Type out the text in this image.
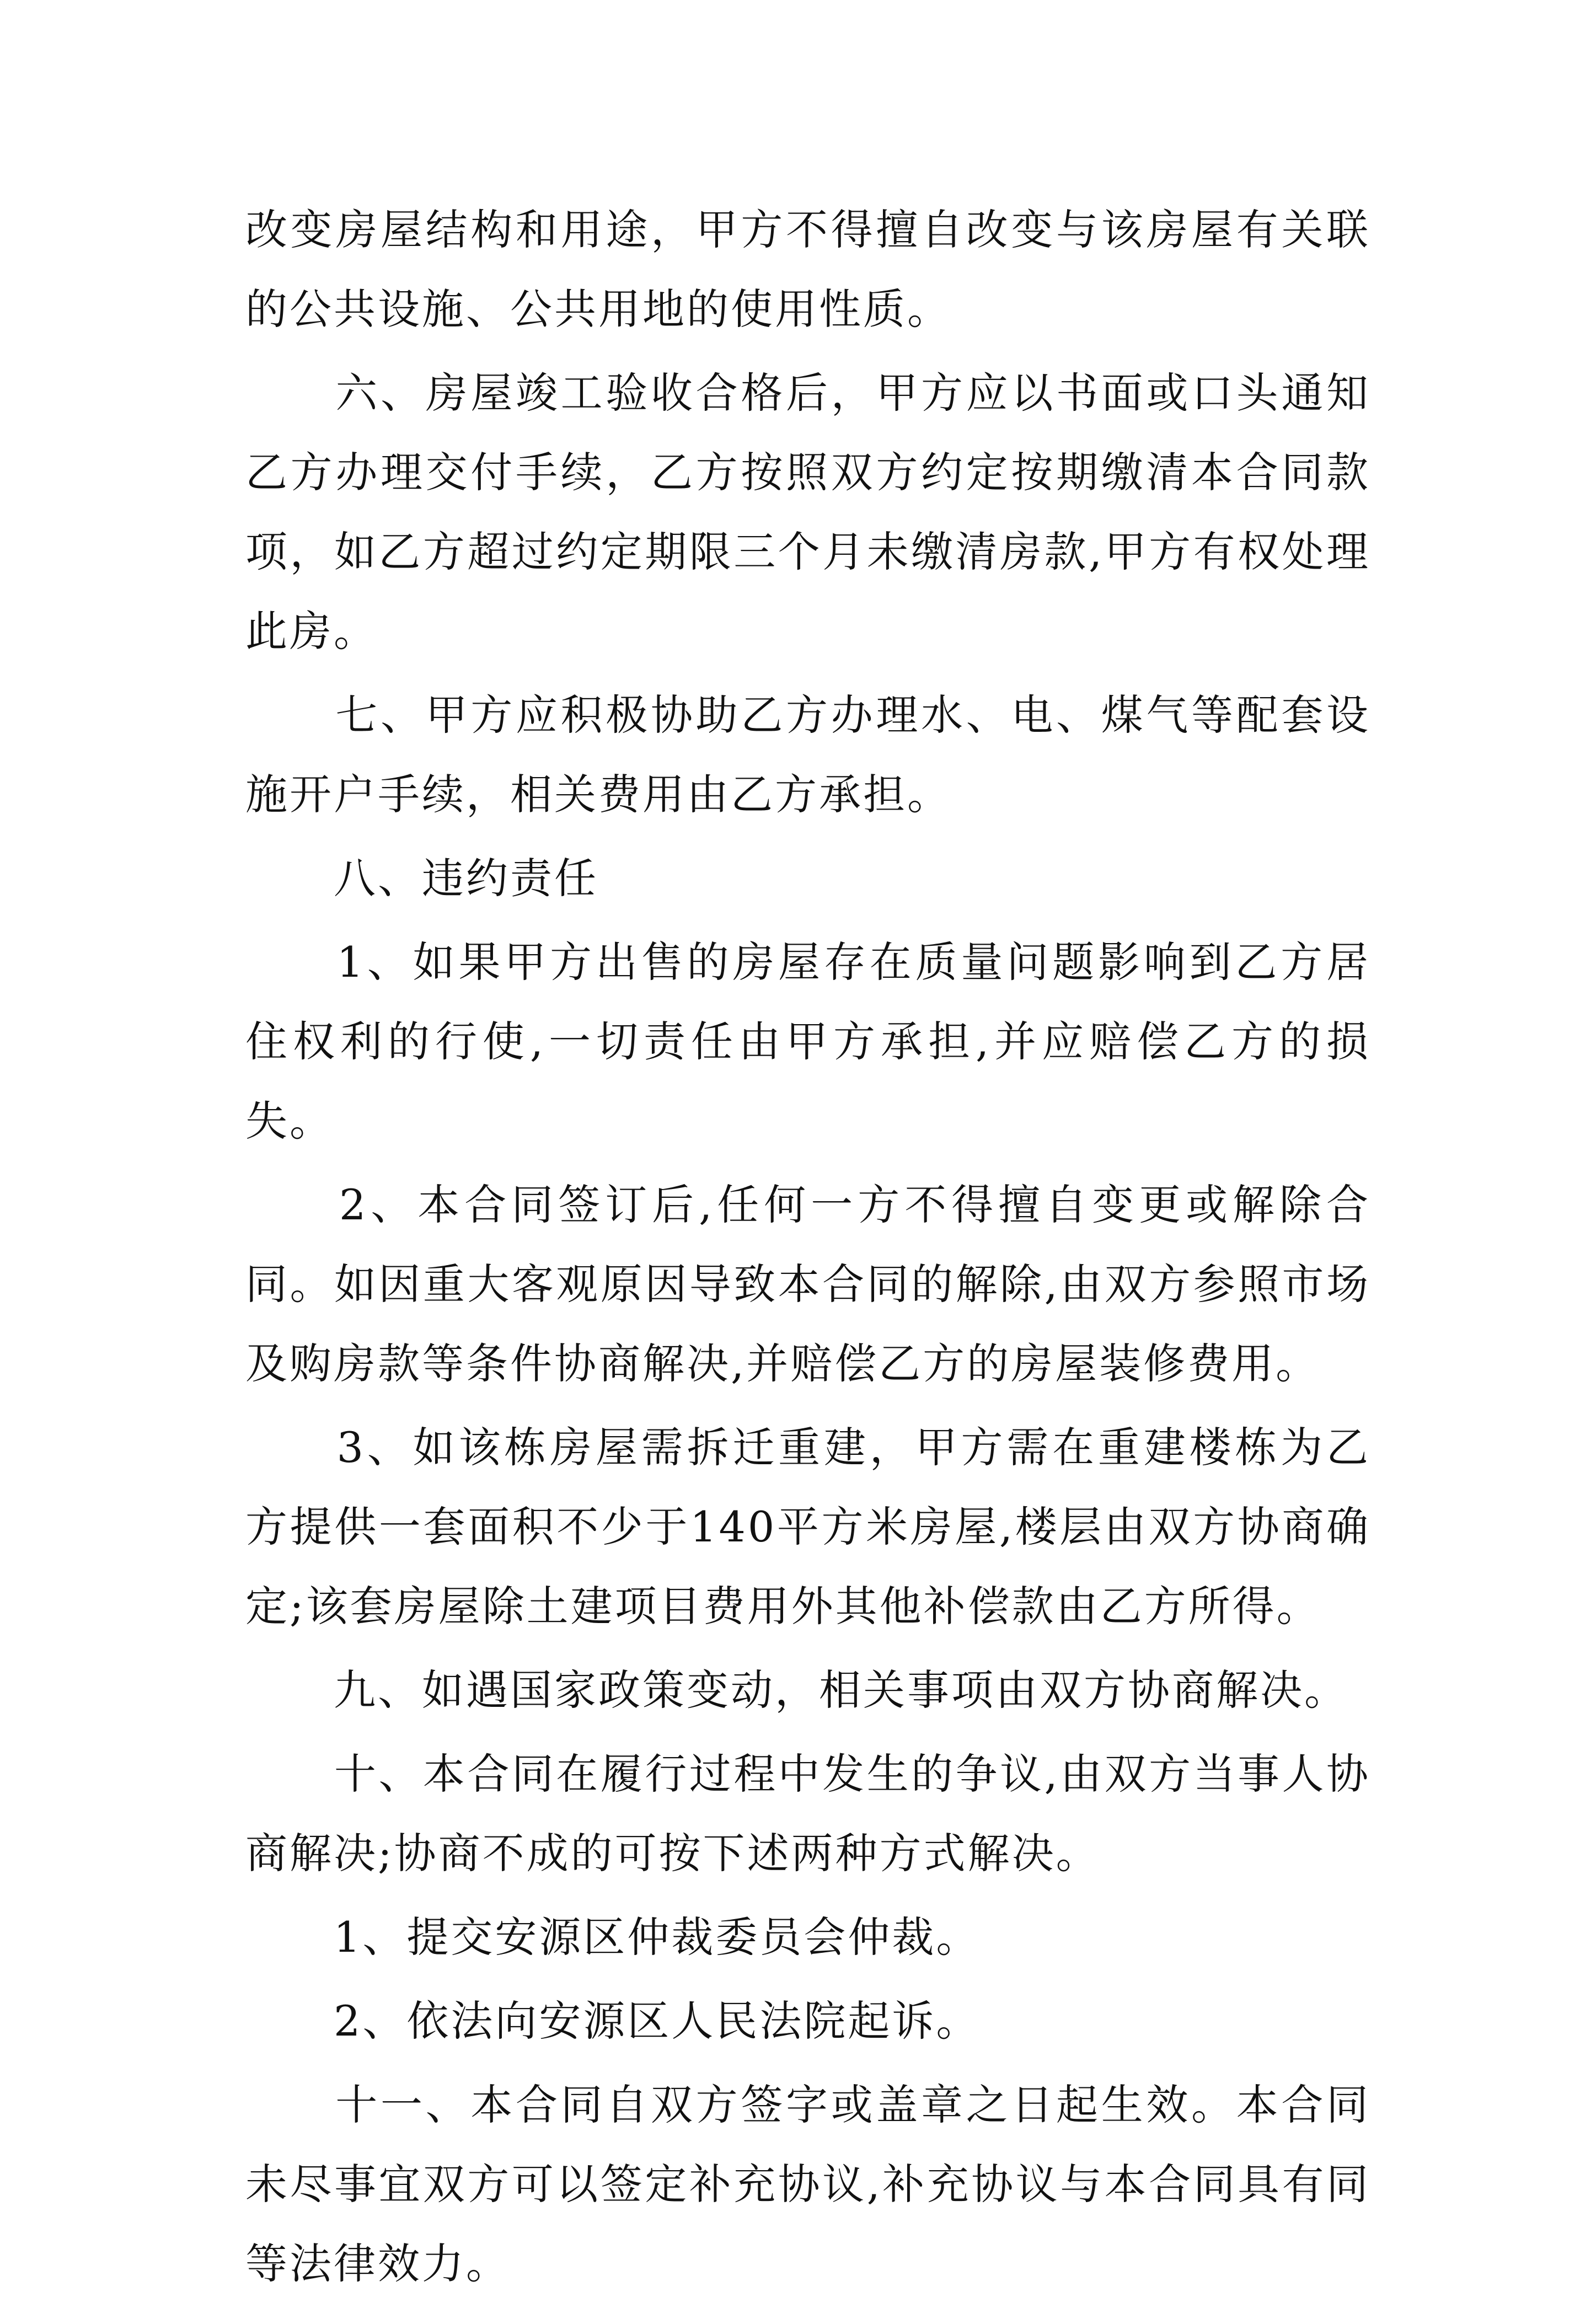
改变房屋结构和用途，甲方不得擅自改变与该房屋有关联的公共设施、公共用地的使用性质。

　　六、房屋竣工验收合格后，甲方应以书面或口头通知乙方办理交付手续，乙方按照双方约定按期缴清本合同款项，如乙方超过约定期限三个月未缴清房款,甲方有权处理此房。

　　七、甲方应积极协助乙方办理水、电、煤气等配套设施开户手续，相关费用由乙方承担。

　　八、违约责任

　　1、如果甲方出售的房屋存在质量问题影响到乙方居住权利的行使,一切责任由甲方承担,并应赔偿乙方的损失。

　　2、本合同签订后,任何一方不得擅自变更或解除合同。如因重大客观原因导致本合同的解除,由双方参照市场及购房款等条件协商解决,并赔偿乙方的房屋装修费用。

　　3、如该栋房屋需拆迁重建，甲方需在重建楼栋为乙方提供一套面积不少于140平方米房屋,楼层由双方协商确定;该套房屋除土建项目费用外其他补偿款由乙方所得。

　　九、如遇国家政策变动，相关事项由双方协商解决。

　　十、本合同在履行过程中发生的争议,由双方当事人协商解决;协商不成的可按下述两种方式解决。

　　1、提交安源区仲裁委员会仲裁。

　　2、依法向安源区人民法院起诉。

　　十一、本合同自双方签字或盖章之日起生效。本合同未尽事宜双方可以签定补充协议,补充协议与本合同具有同等法律效力。
